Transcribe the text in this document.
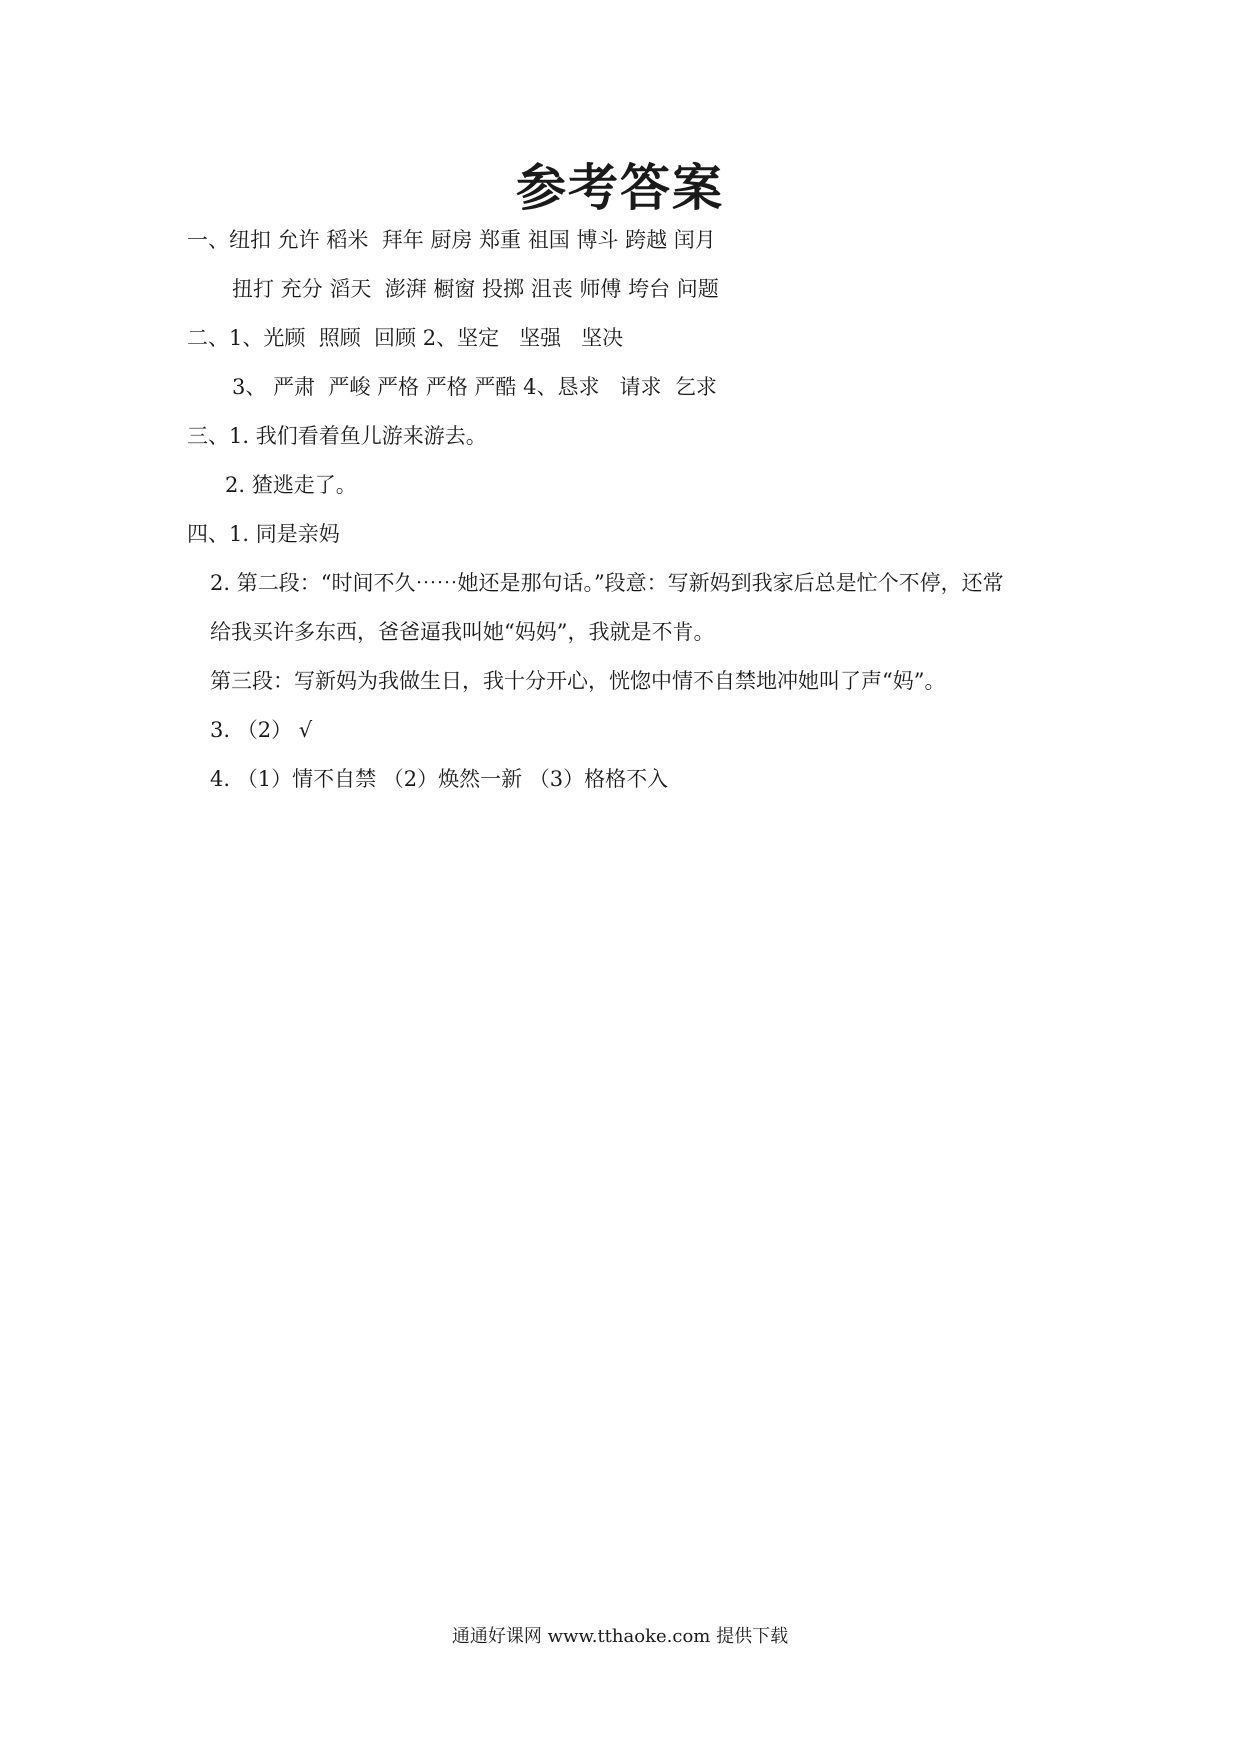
参考答案
一、纽扣 允许 稻米  拜年 厨房 郑重 祖国 博斗 跨越 闰月
扭打 充分 滔天  澎湃 橱窗 投掷 沮丧 师傅 垮台 问题
二、1、光顾  照顾  回顾 2、坚定   坚强   坚决
3、 严肃  严峻 严格 严格 严酷 4、恳求   请求  乞求
三、1. 我们看着鱼儿游来游去。
2. 猹逃走了。
四、1. 同是亲妈
2. 第二段：“时间不久⋯⋯她还是那句话。”段意：写新妈到我家后总是忙个不停，还常
给我买许多东西，爸爸逼我叫她“妈妈”，我就是不肯。
第三段：写新妈为我做生日，我十分开心，恍惚中情不自禁地冲她叫了声“妈”。
3. （2） √
4. （1）情不自禁 （2）焕然一新 （3）格格不入
通通好课网 www.tthaoke.com 提供下载
